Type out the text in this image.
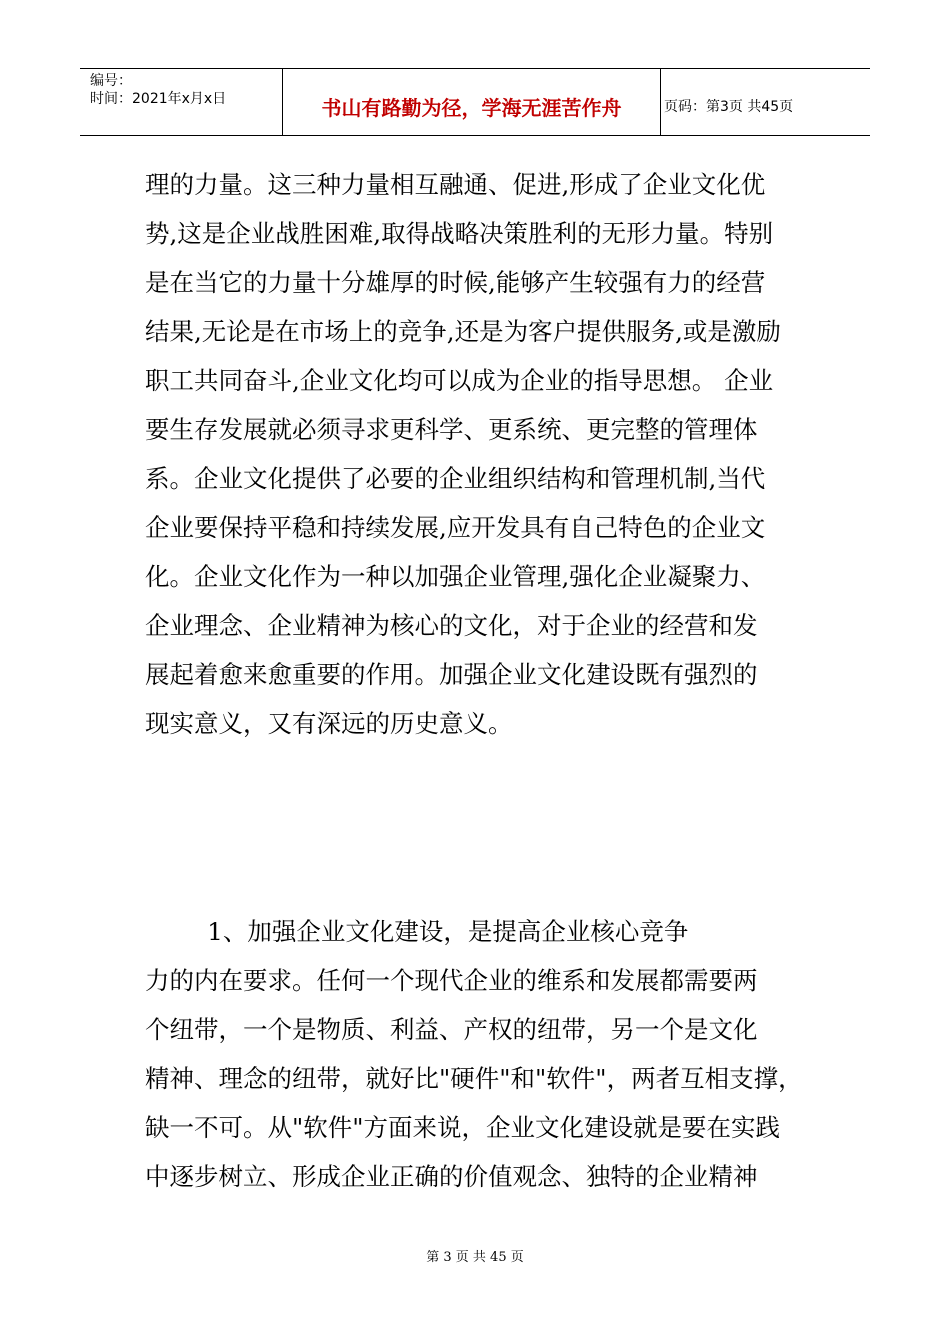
编号：
时间：2021年x月x日	书山有路勤为径，学海无涯苦作舟	页码：第3页 共45页
理的力量。这三种力量相互融通、促进,形成了企业文化优
势,这是企业战胜困难,取得战略决策胜利的无形力量。特别
是在当它的力量十分雄厚的时候,能够产生较强有力的经营
结果,无论是在市场上的竞争,还是为客户提供服务,或是激励
职工共同奋斗,企业文化均可以成为企业的指导思想。 企业
要生存发展就必须寻求更科学、更系统、更完整的管理体
系。企业文化提供了必要的企业组织结构和管理机制,当代
企业要保持平稳和持续发展,应开发具有自己特色的企业文
化。企业文化作为一种以加强企业管理,强化企业凝聚力、
企业理念、企业精神为核心的文化，对于企业的经营和发
展起着愈来愈重要的作用。加强企业文化建设既有强烈的
现实意义，又有深远的历史意义。
1、加强企业文化建设，是提高企业核心竞争
力的内在要求。任何一个现代企业的维系和发展都需要两
个纽带，一个是物质、利益、产权的纽带，另一个是文化
精神、理念的纽带，就好比"硬件"和"软件"，两者互相支撑，
缺一不可。从"软件"方面来说，企业文化建设就是要在实践
中逐步树立、形成企业正确的价值观念、独特的企业精神
第 3 页 共 45 页
